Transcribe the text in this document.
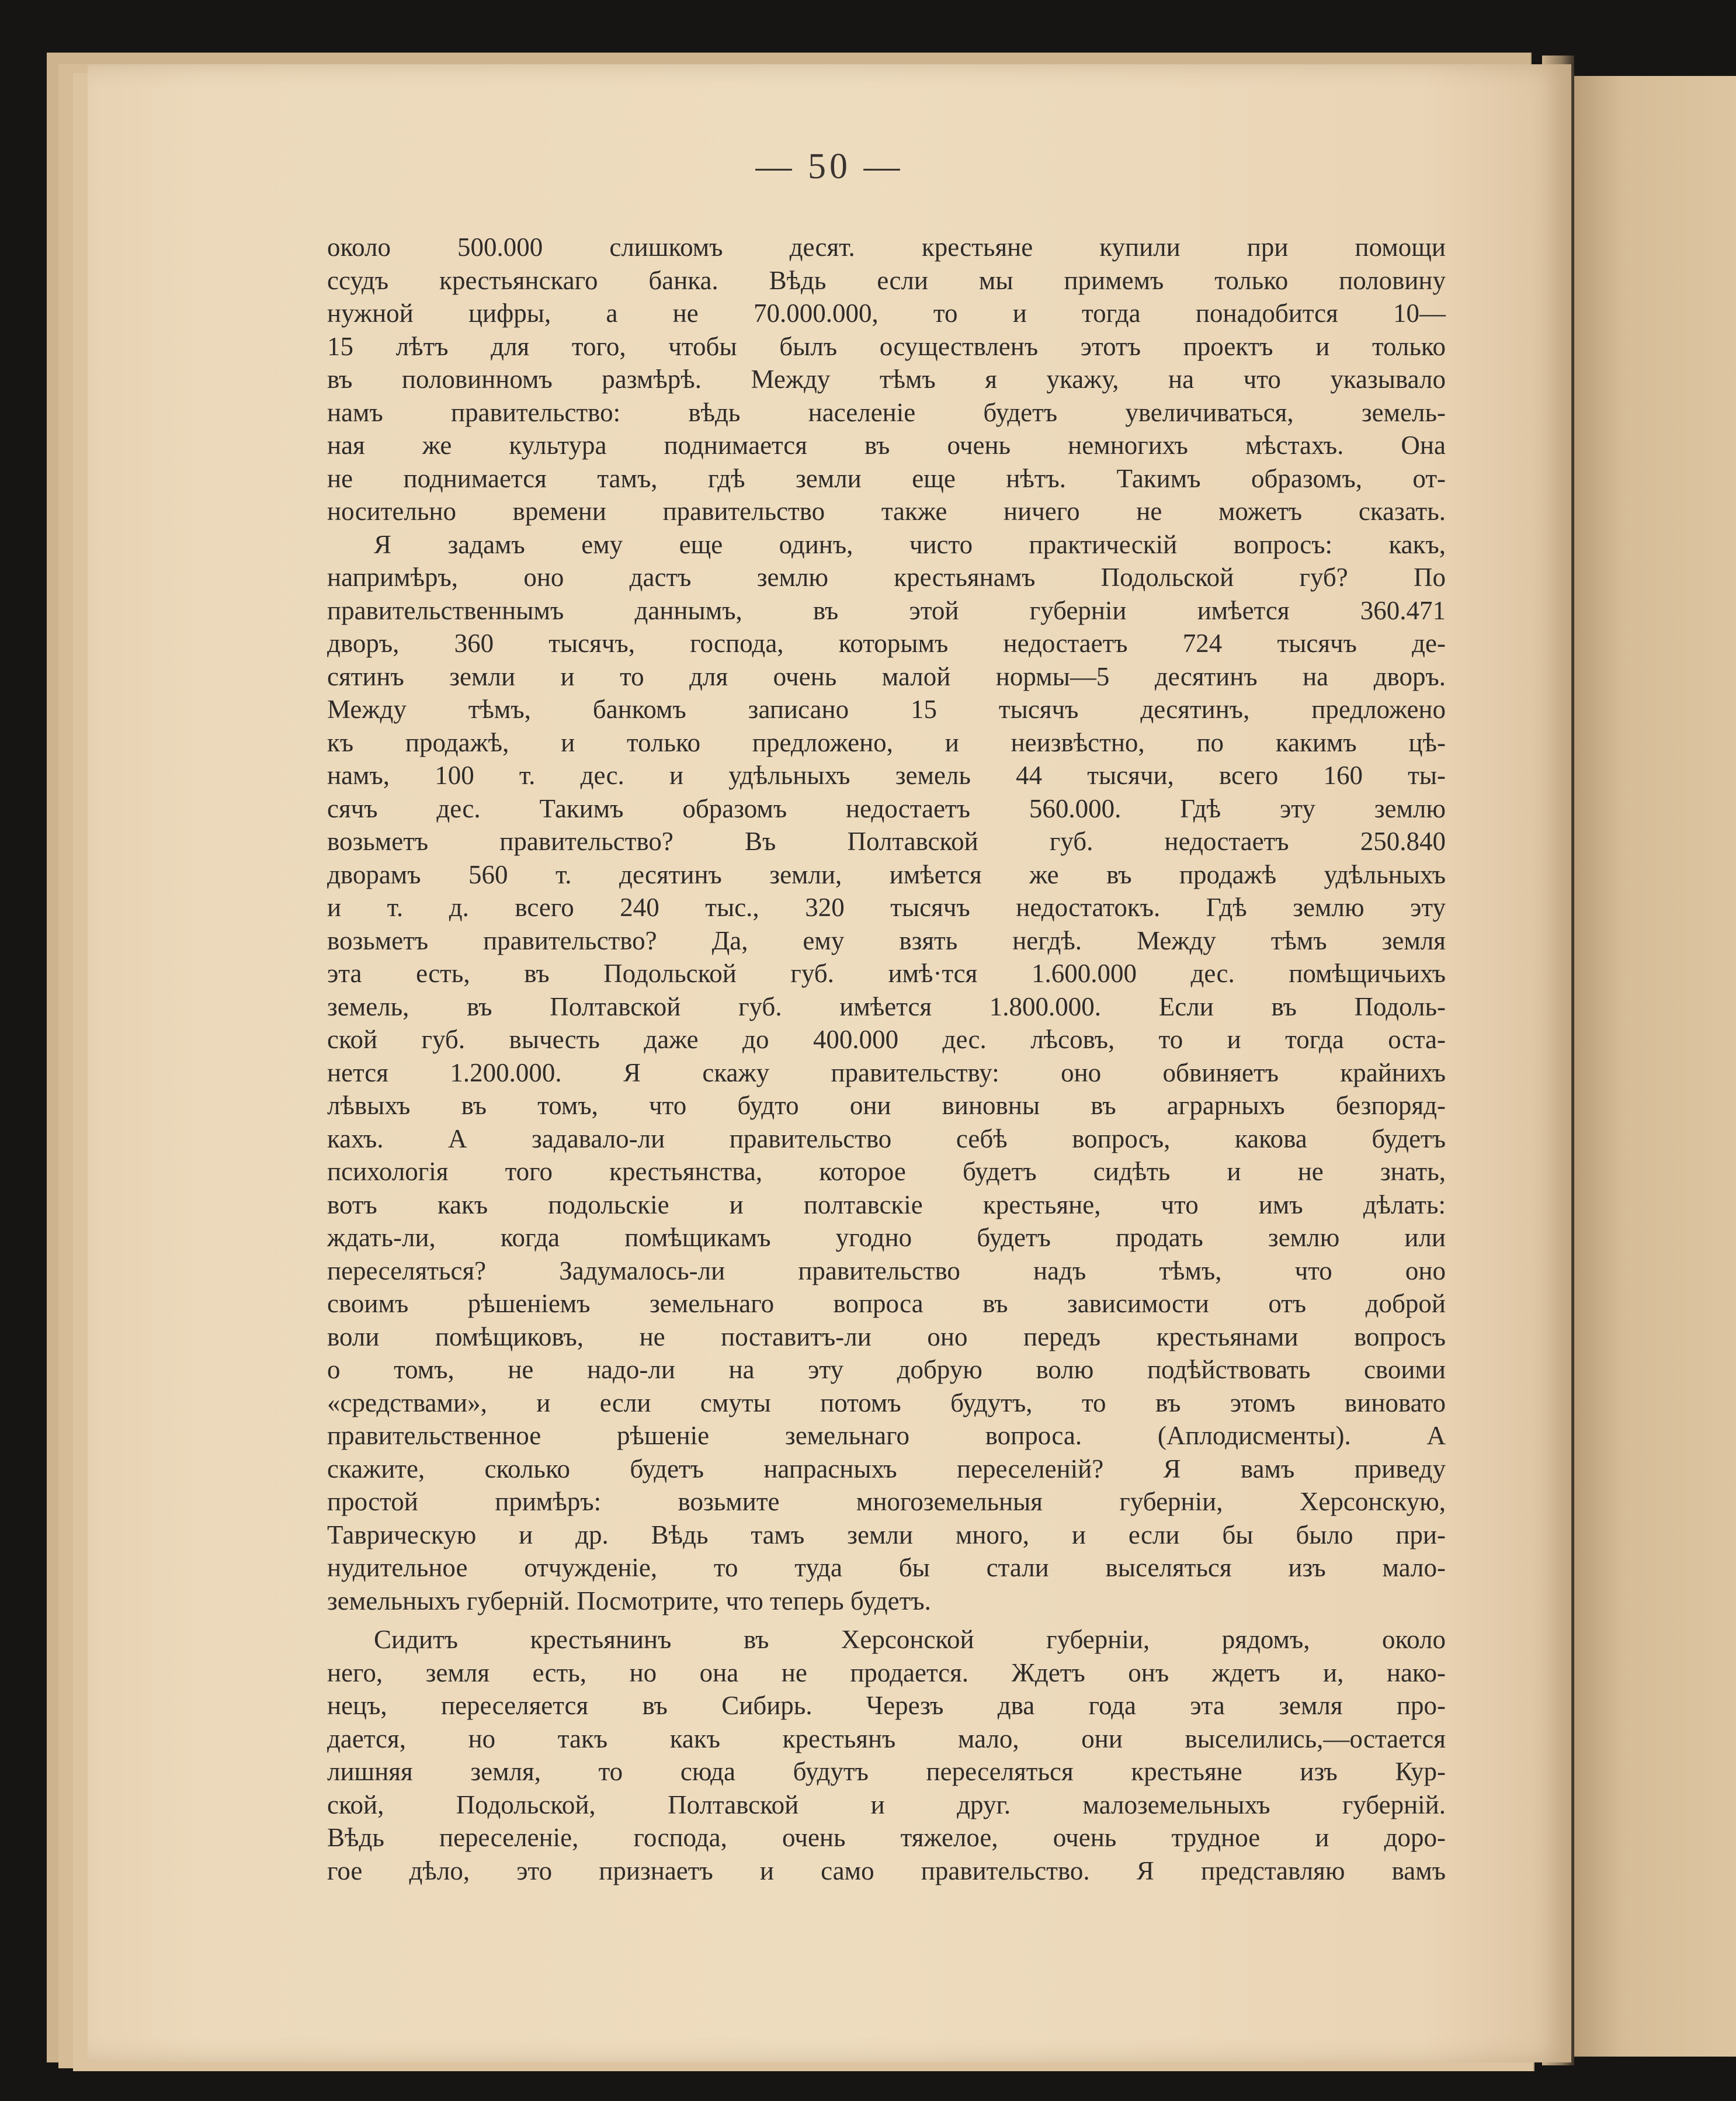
— 50 —
около 500.000 слишкомъ десят. крестьяне купили при помощи
ссудъ крестьянскаго банка. Вѣдь если мы примемъ только половину
нужной цифры, а не 70.000.000, то и тогда понадобится 10—
15 лѣтъ для того, чтобы былъ осуществленъ этотъ проектъ и только
въ половинномъ размѣрѣ. Между тѣмъ я укажу, на что указывало
намъ правительство: вѣдь населеніе будетъ увеличиваться, земель-
ная же культура поднимается въ очень немногихъ мѣстахъ. Она
не поднимается тамъ, гдѣ земли еще нѣтъ. Такимъ образомъ, от-
носительно времени правительство также ничего не можетъ сказать.
Я задамъ ему еще одинъ, чисто практическій вопросъ: какъ,
напримѣръ, оно дастъ землю крестьянамъ Подольской губ? По
правительственнымъ даннымъ, въ этой губерніи имѣется 360.471
дворъ, 360 тысячъ, господа, которымъ недостаетъ 724 тысячъ де-
сятинъ земли и то для очень малой нормы—5 десятинъ на дворъ.
Между тѣмъ, банкомъ записано 15 тысячъ десятинъ, предложено
къ продажѣ, и только предложено, и неизвѣстно, по какимъ цѣ-
намъ, 100 т. дес. и удѣльныхъ земель 44 тысячи, всего 160 ты-
сячъ дес. Такимъ образомъ недостаетъ 560.000. Гдѣ эту землю
возьметъ правительство? Въ Полтавской губ. недостаетъ 250.840
дворамъ 560 т. десятинъ земли, имѣется же въ продажѣ удѣльныхъ
и т. д. всего 240 тыс., 320 тысячъ недостатокъ. Гдѣ землю эту
возьметъ правительство? Да, ему взять негдѣ. Между тѣмъ земля
эта есть, въ Подольской губ. имѣ·тся 1.600.000 дес. помѣщичьихъ
земель, въ Полтавской губ. имѣется 1.800.000. Если въ Подоль-
ской губ. вычесть даже до 400.000 дес. лѣсовъ, то и тогда оста-
нется 1.200.000. Я скажу правительству: оно обвиняетъ крайнихъ
лѣвыхъ въ томъ, что будто они виновны въ аграрныхъ безпоряд-
кахъ. А задавало-ли правительство себѣ вопросъ, какова будетъ
психологія того крестьянства, которое будетъ сидѣть и не знать,
вотъ какъ подольскіе и полтавскіе крестьяне, что имъ дѣлать:
ждать-ли, когда помѣщикамъ угодно будетъ продать землю или
переселяться? Задумалось-ли правительство надъ тѣмъ, что оно
своимъ рѣшеніемъ земельнаго вопроса въ зависимости отъ доброй
воли помѣщиковъ, не поставитъ-ли оно передъ крестьянами вопросъ
о томъ, не надо-ли на эту добрую волю подѣйствовать своими
«средствами», и если смуты потомъ будутъ, то въ этомъ виновато
правительственное рѣшеніе земельнаго вопроса. (Аплодисменты). А
скажите, сколько будетъ напрасныхъ переселеній? Я вамъ приведу
простой примѣръ: возьмите многоземельныя губерніи, Херсонскую,
Таврическую и др. Вѣдь тамъ земли много, и если бы было при-
нудительное отчужденіе, то туда бы стали выселяться изъ мало-
земельныхъ губерній. Посмотрите, что теперь будетъ.
Сидитъ крестьянинъ въ Херсонской губерніи, рядомъ, около
него, земля есть, но она не продается. Ждетъ онъ ждетъ и, нако-
нецъ, переселяется въ Сибирь. Черезъ два года эта земля про-
дается, но такъ какъ крестьянъ мало, они выселились,—остается
лишняя земля, то сюда будутъ переселяться крестьяне изъ Кур-
ской, Подольской, Полтавской и друг. малоземельныхъ губерній.
Вѣдь переселеніе, господа, очень тяжелое, очень трудное и доро-
гое дѣло, это признаетъ и само правительство. Я представляю вамъ
